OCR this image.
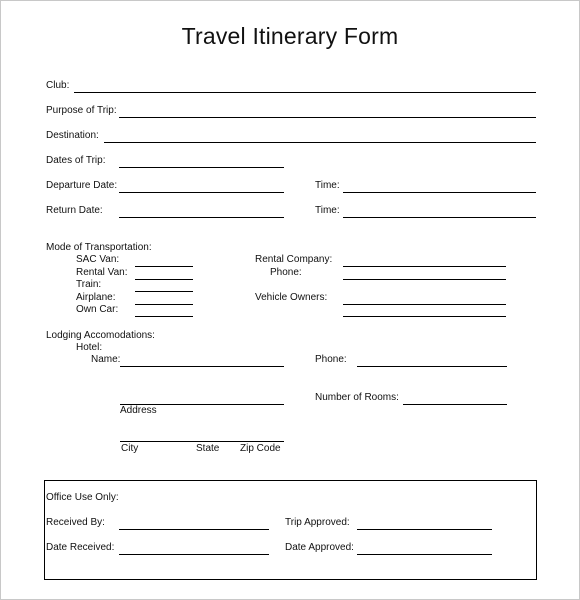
Travel Itinerary Form
Club:
Purpose of Trip:
Destination:
Dates of Trip:
Departure Date:	Time:
Return Date:	Time:
Mode of Transportation:
SAC Van:
Rental Van:
Train:
Airplane:
Own Car:
Rental Company:
Phone:
Vehicle Owners:
Lodging Accomodations:
Hotel:
Name:	Phone:
Address
Number of Rooms:
City	State Zip Code
Office Use Only:
Received By:	Trip Approved:
Date Received:	Date Approved:
